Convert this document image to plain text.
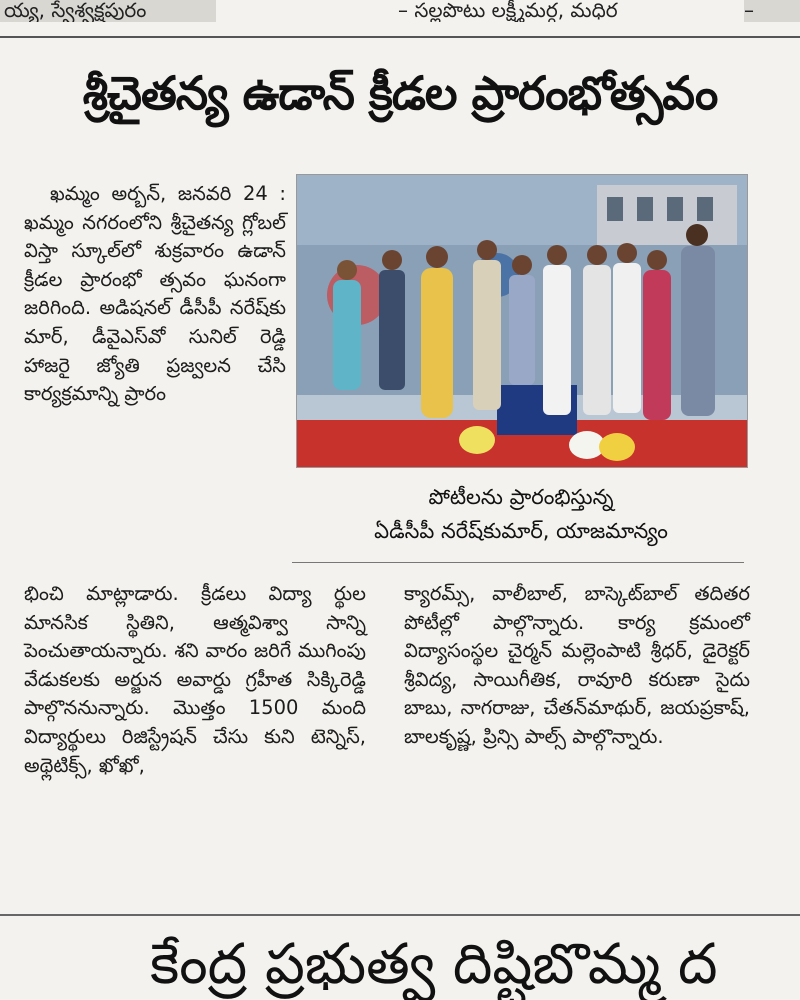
య్య, స్వేశ్వక్షపురం	– సల్లపొటు లక్ష్మీమర్గ, మధిర	–
శ్రీచైతన్య ఉడాన్ క్రీడల ప్రారంభోత్సవం

ఖమ్మం అర్బన్, జనవరి 24 : ఖమ్మం నగరంలోని శ్రీచైతన్య గ్లోబల్ విస్తా స్కూల్‌లో శుక్రవారం ఉడాన్ క్రీడల ప్రారంభో త్సవం ఘనంగా జరిగింది. అడిషనల్ డీసీపీ నరేష్‌కు మార్, డీవైఎస్‌వో సునిల్ రెడ్డి హాజరై జ్యోతి ప్రజ్వలన చేసి కార్యక్రమాన్ని ప్రారం

పోటీలను ప్రారంభిస్తున్న
ఏడీసీపీ నరేష్‌కుమార్, యాజమాన్యం

భించి మాట్లాడారు. క్రీడలు విద్యా ర్థుల మానసిక స్థితిని, ఆత్మవిశ్వా సాన్ని పెంచుతాయన్నారు. శని వారం జరిగే ముగింపు వేడుకలకు అర్జున అవార్డు గ్రహీత సిక్కిరెడ్డి పాల్గొననున్నారు. మొత్తం 1500 మంది విద్యార్థులు రిజిస్ట్రేషన్ చేసు కుని టెన్నిస్, అథ్లెటిక్స్, ఖోఖో,

క్యారమ్స్, వాలీబాల్, బాస్కెట్‌బాల్ తదితర పోటీల్లో పాల్గొన్నారు. కార్య క్రమంలో విద్యాసంస్థల చైర్మన్ మల్లెంపాటి శ్రీధర్, డైరెక్టర్ శ్రీవిద్య, సాయిగీతిక, రావూరి కరుణా సైదు బాబు, నాగరాజు, చేతన్‌మాథుర్, జయప్రకాష్, బాలకృష్ణ, ప్రిన్సి పాల్స్ పాల్గొన్నారు.

కేంద్ర ప్రభుత్వ దిష్టిబొమ్మ ద
